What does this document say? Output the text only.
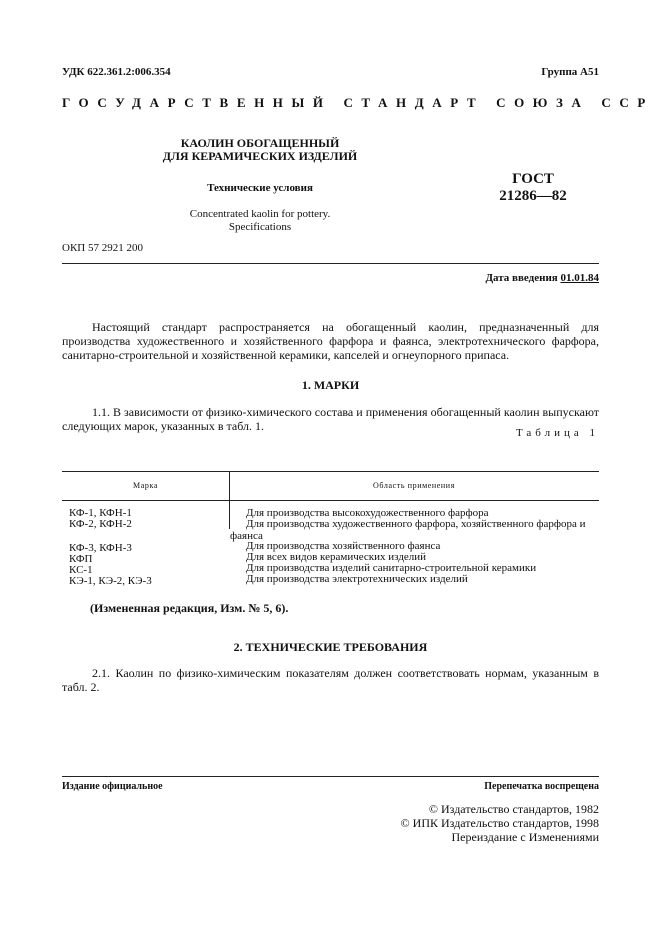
УДК 622.361.2:006.354	Группа А51
ГОСУДАРСТВЕННЫЙ СТАНДАРТ СОЮЗА ССР
КАОЛИН ОБОГАЩЕННЫЙ
ДЛЯ КЕРАМИЧЕСКИХ ИЗДЕЛИЙ
Технические условия
Concentrated kaolin for pottery.
Specifications
ГОСТ
21286—82
ОКП 57 2921 200
Дата введения 01.01.84
Настоящий стандарт распространяется на обогащенный каолин, предназначенный для производства художественного и хозяйственного фарфора и фаянса, электротехнического фарфора, санитарно-строительной и хозяйственной керамики, капселей и огнеупорного припаса.
1. МАРКИ
1.1. В зависимости от физико-химического состава и применения обогащенный каолин выпускают следующих марок, указанных в табл. 1.	Таблица 1
Марка	Область применения
КФ-1, КФН-1	Для производства высокохудожественного фарфора
КФ-2, КФН-2	Для производства художественного фарфора, хозяйственного фарфора и фаянса
КФ-3, КФН-3	Для производства хозяйственного фаянса
КФП	Для всех видов керамических изделий
КС-1	Для производства изделий санитарно-строительной керамики
КЭ-1, КЭ-2, КЭ-3	Для производства электротехнических изделий
(Измененная редакция, Изм. № 5, 6).
2. ТЕХНИЧЕСКИЕ ТРЕБОВАНИЯ
2.1. Каолин по физико-химическим показателям должен соответствовать нормам, указанным в табл. 2.
Издание официальное	Перепечатка воспрещена
© Издательство стандартов, 1982
© ИПК Издательство стандартов, 1998
Переиздание с Изменениями
